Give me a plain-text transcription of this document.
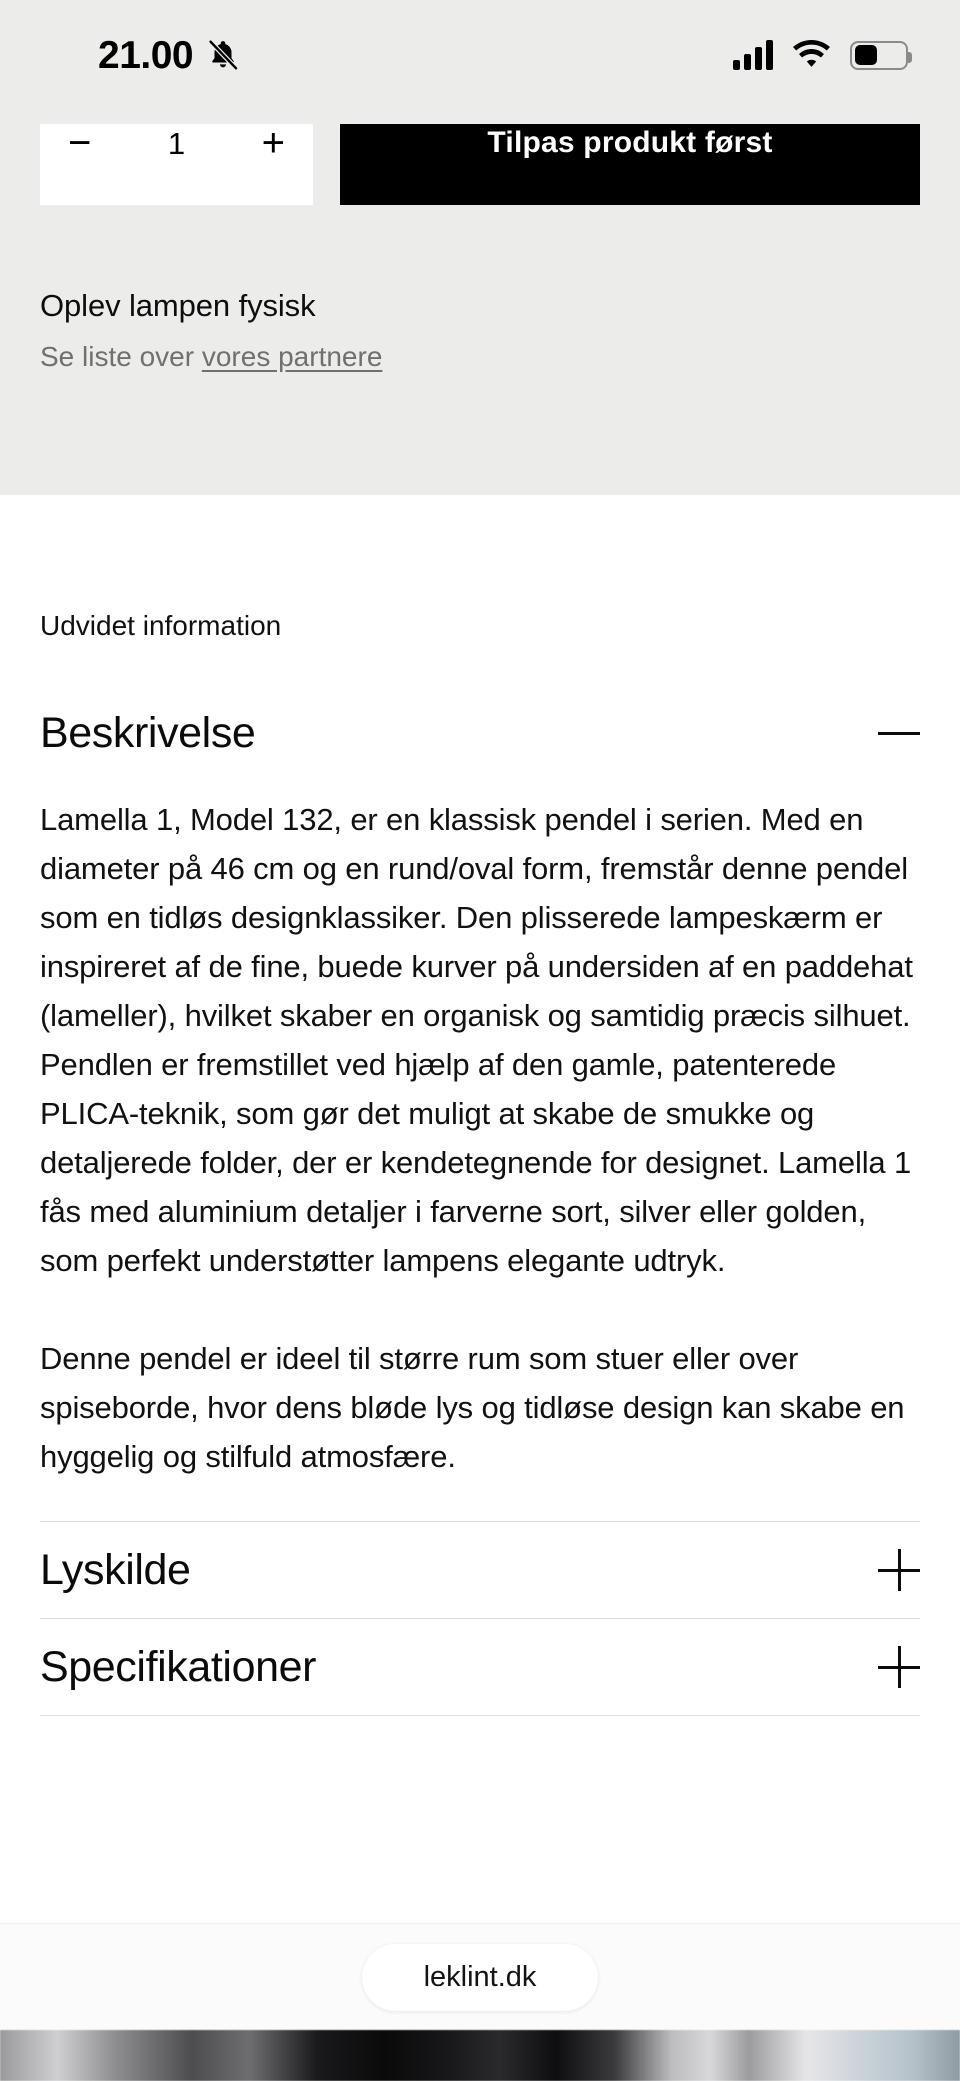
21.00
− 1 +	Tilpas produkt først
Oplev lampen fysisk
Se liste over vores partnere
Udvidet information
Beskrivelse

Lamella 1, Model 132, er en klassisk pendel i serien. Med en diameter på 46 cm og en rund/oval form, fremstår denne pendel som en tidløs designklassiker. Den plisserede lampeskærm er inspireret af de fine, buede kurver på undersiden af en paddehat (lameller), hvilket skaber en organisk og samtidig præcis silhuet. Pendlen er fremstillet ved hjælp af den gamle, patenterede PLICA-teknik, som gør det muligt at skabe de smukke og detaljerede folder, der er kendetegnende for designet. Lamella 1 fås med aluminium detaljer i farverne sort, silver eller golden, som perfekt understøtter lampens elegante udtryk.

Denne pendel er ideel til større rum som stuer eller over spiseborde, hvor dens bløde lys og tidløse design kan skabe en hyggelig og stilfuld atmosfære.

Lyskilde
Specifikationer
leklint.dk
